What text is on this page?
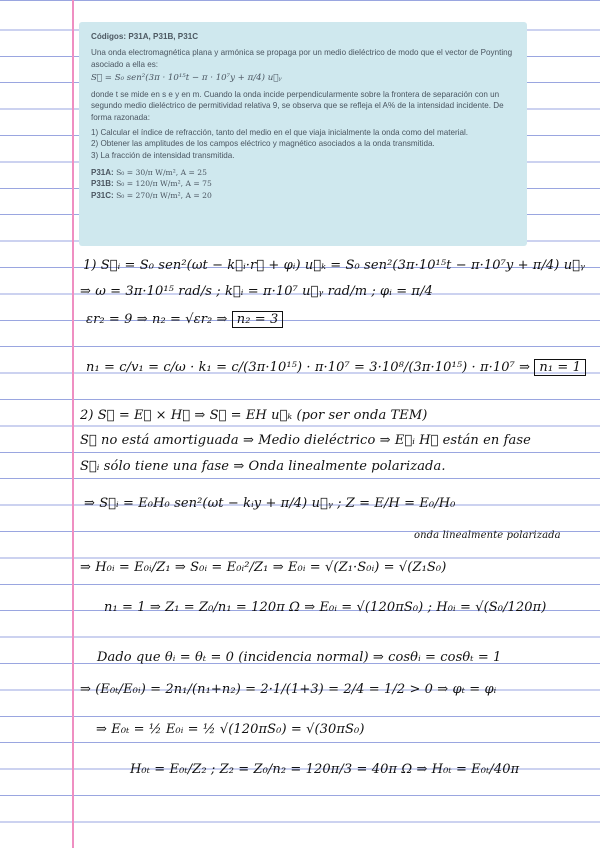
Códigos: P31A, P31B, P31C

Una onda electromagnética plana y armónica se propaga por un medio dieléctrico de modo que el vector de Poynting asociado a ella es:

S⃗ = S₀ sen²(3π · 10¹⁵t − π · 10⁷y + π/4) u⃗ᵧ

donde t se mide en s e y en m. Cuando la onda incide perpendicularmente sobre la frontera de separación con un segundo medio dieléctrico de permitividad relativa 9, se observa que se refleja el A% de la intensidad incidente. De forma razonada:

1) Calcular el índice de refracción, tanto del medio en el que viaja inicialmente la onda como del material.

2) Obtener las amplitudes de los campos eléctrico y magnético asociados a la onda transmitida.

3) La fracción de intensidad transmitida.

P31A: S₀ = 30/π W/m², A = 25

P31B: S₀ = 120/π W/m², A = 75

P31C: S₀ = 270/π W/m², A = 20

1) S⃗ᵢ = S₀ sen²(ωt − k⃗ᵢ·r⃗ + φᵢ) u⃗ₖ = S₀ sen²(3π·10¹⁵t − π·10⁷y + π/4) u⃗ᵧ
⇒ ω = 3π·10¹⁵ rad/s ; k⃗ᵢ = π·10⁷ u⃗ᵧ rad/m ; φᵢ = π/4
εr₂ = 9 ⇒ n₂ = √εr₂ ⇒ n₂ = 3
n₁ = c/v₁ = c/ω · k₁ = c/(3π·10¹⁵) · π·10⁷ = 3·10⁸/(3π·10¹⁵) · π·10⁷ ⇒ n₁ = 1
2) S⃗ = E⃗ × H⃗ ⇒ S⃗ = EH u⃗ₖ (por ser onda TEM)
S⃗ no está amortiguada ⇒ Medio dieléctrico ⇒ E⃗ᵢ H⃗ están en fase
S⃗ᵢ sólo tiene una fase ⇒ Onda linealmente polarizada.
⇒ S⃗ᵢ = E₀H₀ sen²(ωt − kᵢy + π/4) u⃗ᵧ ; Z = E/H = E₀/H₀
onda linealmente polarizada
⇒ H₀ᵢ = E₀ᵢ/Z₁ ⇒ S₀ᵢ = E₀ᵢ²/Z₁ ⇒ E₀ᵢ = √(Z₁·S₀ᵢ) = √(Z₁S₀)
n₁ = 1 ⇒ Z₁ = Z₀/n₁ = 120π Ω ⇒ E₀ᵢ = √(120πS₀) ; H₀ᵢ = √(S₀/120π)
Dado que θᵢ = θₜ = 0 (incidencia normal) ⇒ cosθᵢ = cosθₜ = 1
⇒ (E₀ₜ/E₀ᵢ) = 2n₁/(n₁+n₂) = 2·1/(1+3) = 2/4 = 1/2 > 0 ⇒ φₜ = φᵢ
⇒ E₀ₜ = ½ E₀ᵢ = ½ √(120πS₀) = √(30πS₀)
H₀ₜ = E₀ₜ/Z₂ ; Z₂ = Z₀/n₂ = 120π/3 = 40π Ω ⇒ H₀ₜ = E₀ₜ/40π
